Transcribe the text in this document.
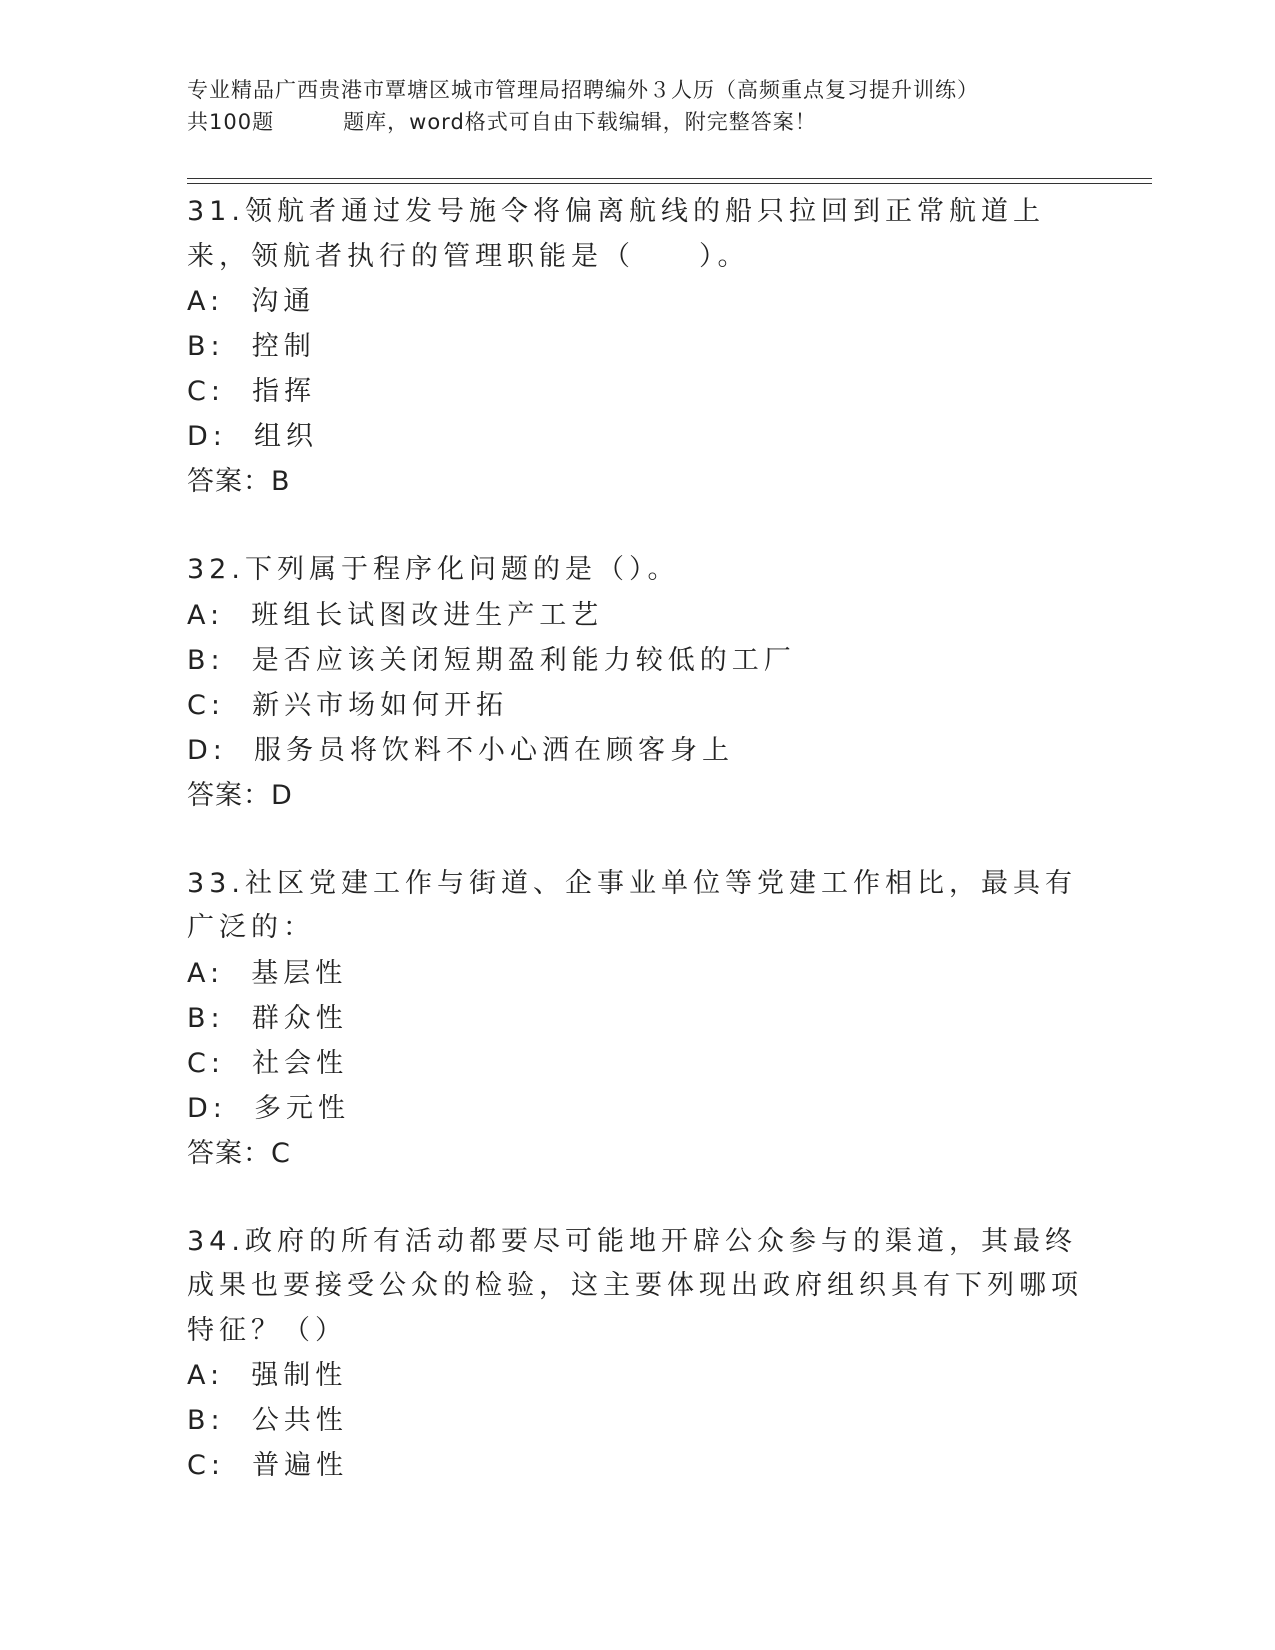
专业精品广西贵港市覃塘区城市管理局招聘编外３人历（高频重点复习提升训练）
共100题         题库，word格式可自由下载编辑，附完整答案！

31.领航者通过发号施令将偏离航线的船只拉回到正常航道上来，领航者执行的管理职能是（　　）。

A:  沟通

B:  控制

C:  指挥

D:  组织

答案：B

32.下列属于程序化问题的是（）。

A:  班组长试图改进生产工艺

B:  是否应该关闭短期盈利能力较低的工厂

C:  新兴市场如何开拓

D:  服务员将饮料不小心洒在顾客身上

答案：D

33.社区党建工作与街道、企事业单位等党建工作相比，最具有广泛的：

A:  基层性

B:  群众性

C:  社会性

D:  多元性

答案：C

34.政府的所有活动都要尽可能地开辟公众参与的渠道，其最终成果也要接受公众的检验，这主要体现出政府组织具有下列哪项特征？（）

A:  强制性

B:  公共性

C:  普遍性
